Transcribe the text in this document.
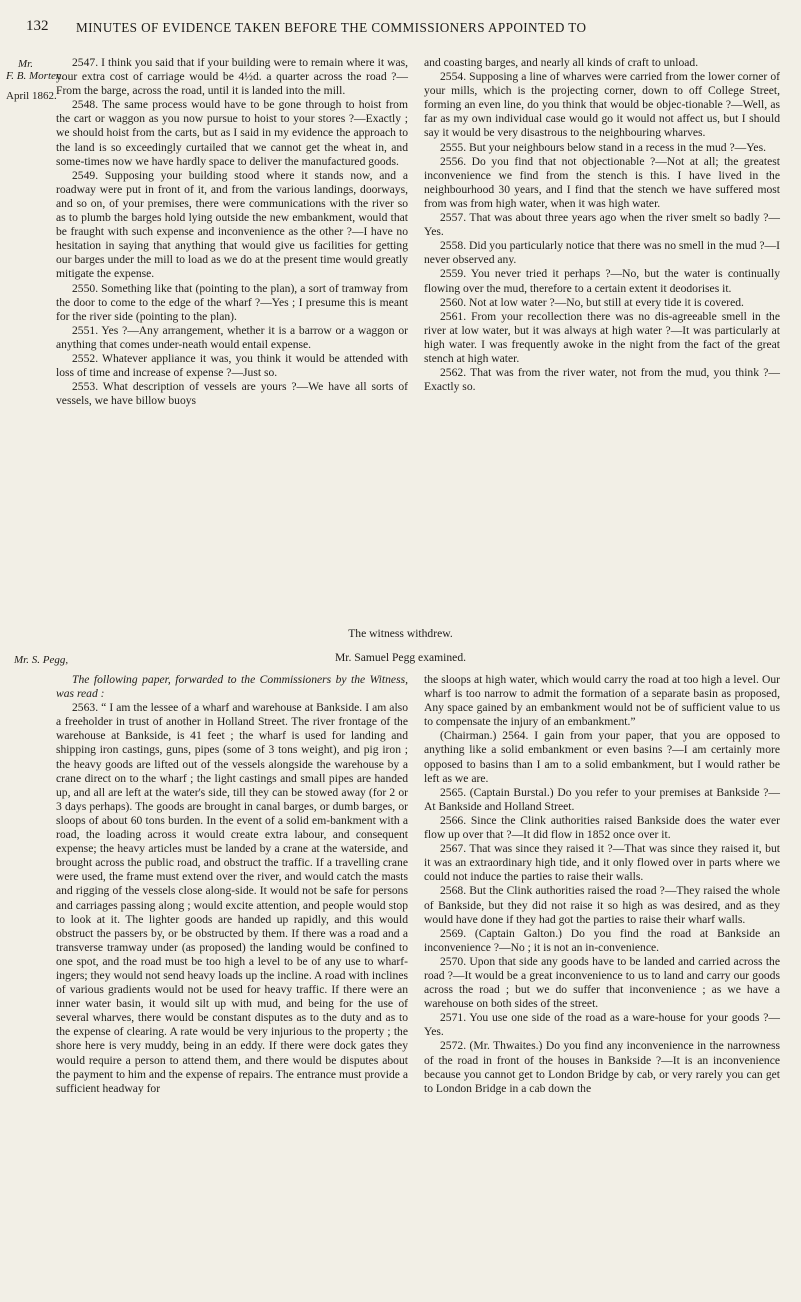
132 MINUTES OF EVIDENCE TAKEN BEFORE THE COMMISSIONERS APPOINTED TO
Mr.
F. B. Morten.
April 1862.
Mr. S. Pegg,

2547. I think you said that if your building were to remain where it was, your extra cost of carriage would be 4½d. a quarter across the road ?—From the barge, across the road, until it is landed into the mill.

2548. The same process would have to be gone through to hoist from the cart or waggon as you now pursue to hoist to your stores ?—Exactly ; we should hoist from the carts, but as I said in my evidence the approach to the land is so exceedingly curtailed that we cannot get the wheat in, and some-times now we have hardly space to deliver the manufactured goods.

2549. Supposing your building stood where it stands now, and a roadway were put in front of it, and from the various landings, doorways, and so on, of your premises, there were communications with the river so as to plumb the barges hold lying outside the new embankment, would that be fraught with such expense and inconvenience as the other ?—I have no hesitation in saying that anything that would give us facilities for getting our barges under the mill to load as we do at the present time would greatly mitigate the expense.

2550. Something like that (pointing to the plan), a sort of tramway from the door to come to the edge of the wharf ?—Yes ; I presume this is meant for the river side (pointing to the plan).

2551. Yes ?—Any arrangement, whether it is a barrow or a waggon or anything that comes under-neath would entail expense.

2552. Whatever appliance it was, you think it would be attended with loss of time and increase of expense ?—Just so.

2553. What description of vessels are yours ?—We have all sorts of vessels, we have billow buoys

and coasting barges, and nearly all kinds of craft to unload.

2554. Supposing a line of wharves were carried from the lower corner of your mills, which is the projecting corner, down to off College Street, forming an even line, do you think that would be objec-tionable ?—Well, as far as my own individual case would go it would not affect us, but I should say it would be very disastrous to the neighbouring wharves.

2555. But your neighbours below stand in a recess in the mud ?—Yes.

2556. Do you find that not objectionable ?—Not at all; the greatest inconvenience we find from the stench is this. I have lived in the neighbourhood 30 years, and I find that the stench we have suffered most from was from high water, when it was high water.

2557. That was about three years ago when the river smelt so badly ?—Yes.

2558. Did you particularly notice that there was no smell in the mud ?—I never observed any.

2559. You never tried it perhaps ?—No, but the water is continually flowing over the mud, therefore to a certain extent it deodorises it.

2560. Not at low water ?—No, but still at every tide it is covered.

2561. From your recollection there was no dis-agreeable smell in the river at low water, but it was always at high water ?—It was particularly at high water. I was frequently awoke in the night from the fact of the great stench at high water.

2562. That was from the river water, not from the mud, you think ?—Exactly so.

The witness withdrew.
Mr. Samuel Pegg examined.

The following paper, forwarded to the Commissioners by the Witness, was read :

2563. “ I am the lessee of a wharf and warehouse at Bankside. I am also a freeholder in trust of another in Holland Street. The river frontage of the warehouse at Bankside, is 41 feet ; the wharf is used for landing and shipping iron castings, guns, pipes (some of 3 tons weight), and pig iron ; the heavy goods are lifted out of the vessels alongside the warehouse by a crane direct on to the wharf ; the light castings and small pipes are handed up, and all are left at the water's side, till they can be stowed away (for 2 or 3 days perhaps). The goods are brought in canal barges, or dumb barges, or sloops of about 60 tons burden. In the event of a solid em-bankment with a road, the loading across it would create extra labour, and consequent expense; the heavy articles must be landed by a crane at the waterside, and brought across the public road, and obstruct the traffic. If a travelling crane were used, the frame must extend over the river, and would catch the masts and rigging of the vessels close along-side. It would not be safe for persons and carriages passing along ; would excite attention, and people would stop to look at it. The lighter goods are handed up rapidly, and this would obstruct the passers by, or be obstructed by them. If there was a road and a transverse tramway under (as proposed) the landing would be confined to one spot, and the road must be too high a level to be of any use to wharf-ingers; they would not send heavy loads up the incline. A road with inclines of various gradients would not be used for heavy traffic. If there were an inner water basin, it would silt up with mud, and being for the use of several wharves, there would be constant disputes as to the duty and as to the expense of clearing. A rate would be very injurious to the property ; the shore here is very muddy, being in an eddy. If there were dock gates they would require a person to attend them, and there would be disputes about the payment to him and the expense of repairs. The entrance must provide a sufficient headway for

the sloops at high water, which would carry the road at too high a level. Our wharf is too narrow to admit the formation of a separate basin as proposed, Any space gained by an embankment would not be of sufficient value to us to compensate the injury of an embankment.”

(Chairman.) 2564. I gain from your paper, that you are opposed to anything like a solid embankment or even basins ?—I am certainly more opposed to basins than I am to a solid embankment, but I would rather be left as we are.

2565. (Captain Burstal.) Do you refer to your premises at Bankside ?—At Bankside and Holland Street.

2566. Since the Clink authorities raised Bankside does the water ever flow up over that ?—It did flow in 1852 once over it.

2567. That was since they raised it ?—That was since they raised it, but it was an extraordinary high tide, and it only flowed over in parts where we could not induce the parties to raise their walls.

2568. But the Clink authorities raised the road ?—They raised the whole of Bankside, but they did not raise it so high as was desired, and as they would have done if they had got the parties to raise their wharf walls.

2569. (Captain Galton.) Do you find the road at Bankside an inconvenience ?—No ; it is not an in-convenience.

2570. Upon that side any goods have to be landed and carried across the road ?—It would be a great inconvenience to us to land and carry our goods across the road ; but we do suffer that inconvenience ; as we have a warehouse on both sides of the street.

2571. You use one side of the road as a ware-house for your goods ?—Yes.

2572. (Mr. Thwaites.) Do you find any inconvenience in the narrowness of the road in front of the houses in Bankside ?—It is an inconvenience because you cannot get to London Bridge by cab, or very rarely you can get to London Bridge in a cab down the
